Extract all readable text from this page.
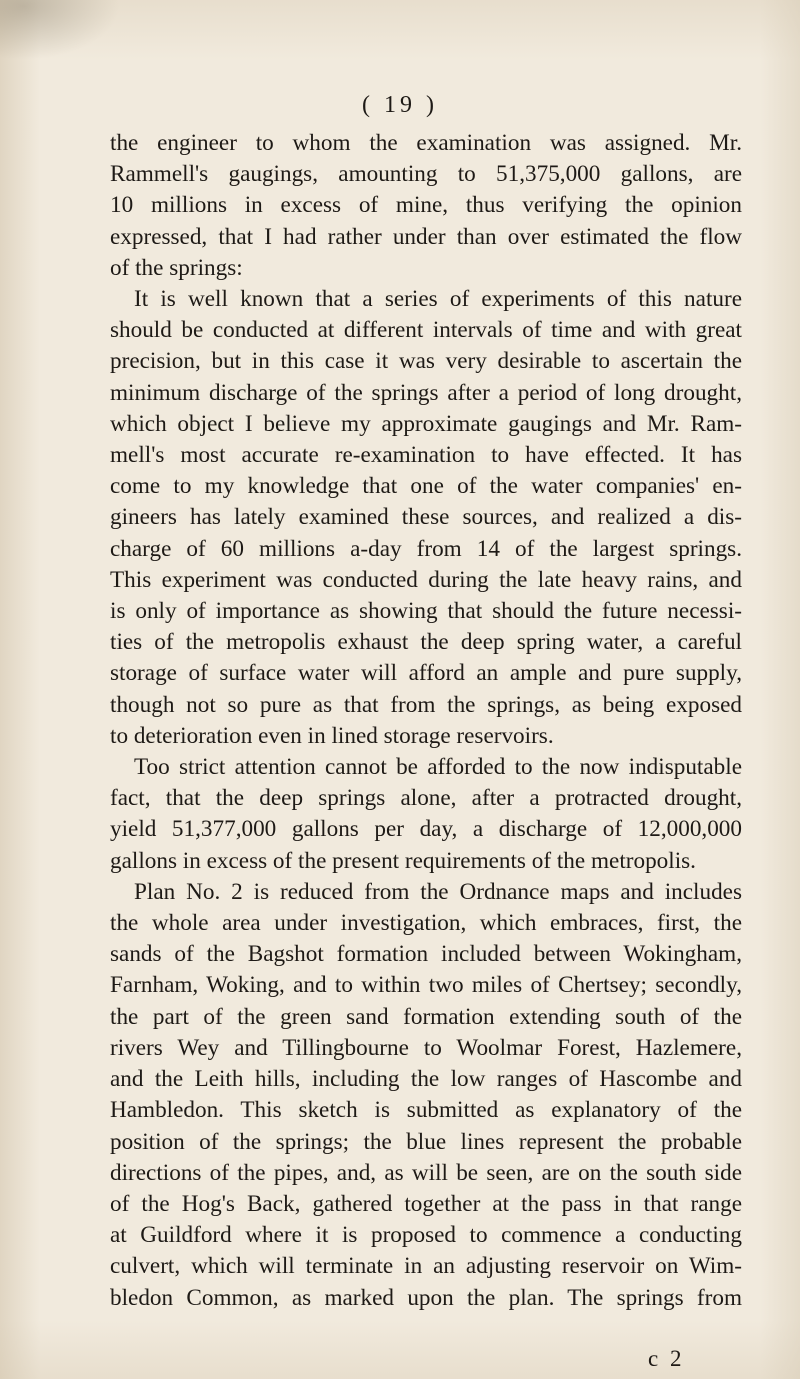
( 19 )
the engineer to whom the examination was assigned. Mr.
Rammell's gaugings, amounting to 51,375,000 gallons, are
10 millions in excess of mine, thus verifying the opinion
expressed, that I had rather under than over estimated the flow
of the springs:
It is well known that a series of experiments of this nature
should be conducted at different intervals of time and with great
precision, but in this case it was very desirable to ascertain the
minimum discharge of the springs after a period of long drought,
which object I believe my approximate gaugings and Mr. Ram-
mell's most accurate re-examination to have effected. It has
come to my knowledge that one of the water companies' en-
gineers has lately examined these sources, and realized a dis-
charge of 60 millions a-day from 14 of the largest springs.
This experiment was conducted during the late heavy rains, and
is only of importance as showing that should the future necessi-
ties of the metropolis exhaust the deep spring water, a careful
storage of surface water will afford an ample and pure supply,
though not so pure as that from the springs, as being exposed
to deterioration even in lined storage reservoirs.
Too strict attention cannot be afforded to the now indisputable
fact, that the deep springs alone, after a protracted drought,
yield 51,377,000 gallons per day, a discharge of 12,000,000
gallons in excess of the present requirements of the metropolis.
Plan No. 2 is reduced from the Ordnance maps and includes
the whole area under investigation, which embraces, first, the
sands of the Bagshot formation included between Wokingham,
Farnham, Woking, and to within two miles of Chertsey; secondly,
the part of the green sand formation extending south of the
rivers Wey and Tillingbourne to Woolmar Forest, Hazlemere,
and the Leith hills, including the low ranges of Hascombe and
Hambledon. This sketch is submitted as explanatory of the
position of the springs; the blue lines represent the probable
directions of the pipes, and, as will be seen, are on the south side
of the Hog's Back, gathered together at the pass in that range
at Guildford where it is proposed to commence a conducting
culvert, which will terminate in an adjusting reservoir on Wim-
bledon Common, as marked upon the plan. The springs from
c 2
